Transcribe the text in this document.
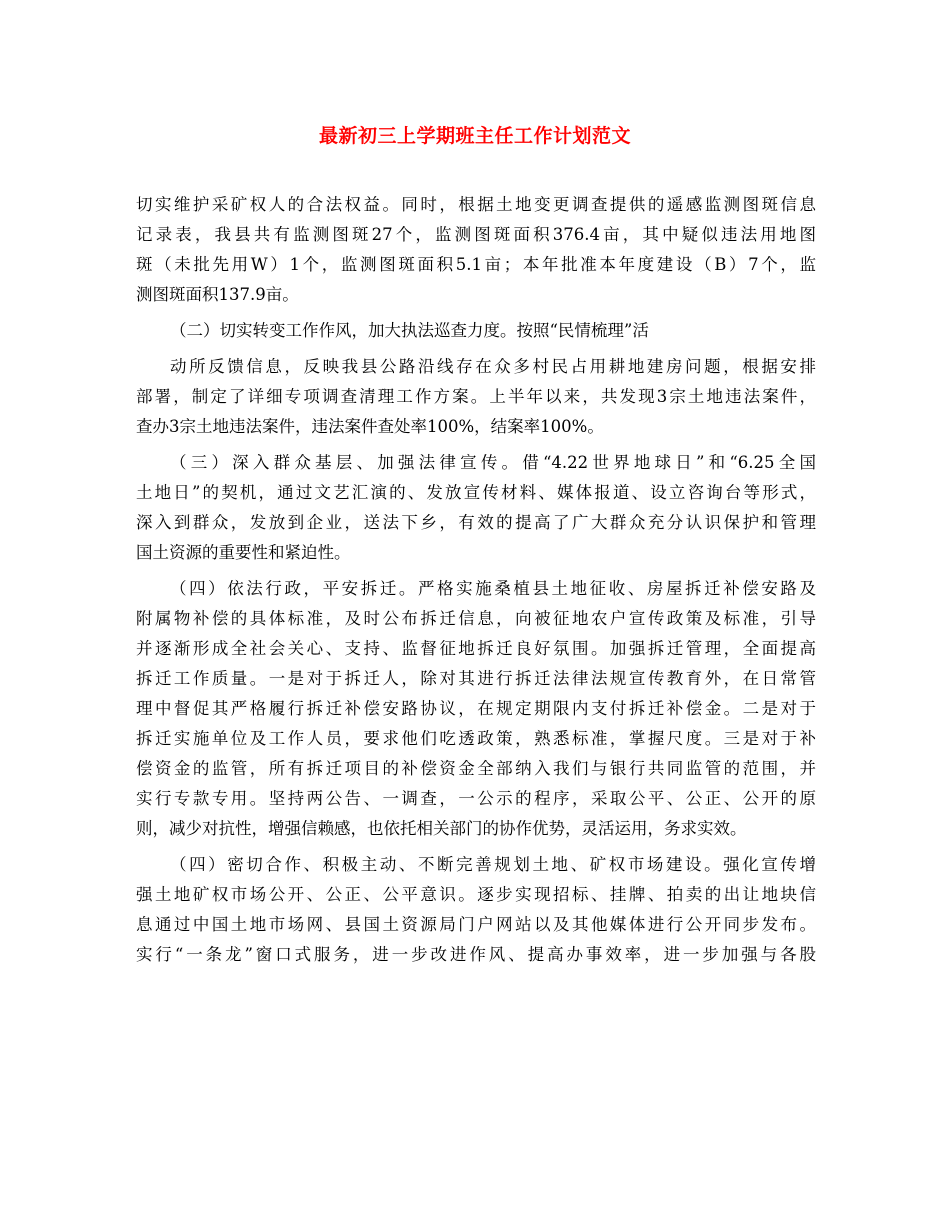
最新初三上学期班主任工作计划范文
切实维护采矿权人的合法权益。同时，根据土地变更调查提供的遥感监测图斑信息
记录表，我县共有监测图斑27个，监测图斑面积376.4亩，其中疑似违法用地图
斑（未批先用W）1个，监测图斑面积5.1亩；本年批准本年度建设（B）7个，监
测图斑面积137.9亩。
（二）切实转变工作作风，加大执法巡查力度。按照“民情梳理”活
动所反馈信息，反映我县公路沿线存在众多村民占用耕地建房问题，根据安排
部署，制定了详细专项调查清理工作方案。上半年以来，共发现3宗土地违法案件，
查办3宗土地违法案件，违法案件查处率100%，结案率100%。
（三）深入群众基层、加强法律宣传。借“4.22世界地球日”和“6.25全国
土地日”的契机，通过文艺汇演的、发放宣传材料、媒体报道、设立咨询台等形式，
深入到群众，发放到企业，送法下乡，有效的提高了广大群众充分认识保护和管理
国土资源的重要性和紧迫性。
（四）依法行政，平安拆迁。严格实施桑植县土地征收、房屋拆迁补偿安路及
附属物补偿的具体标准，及时公布拆迁信息，向被征地农户宣传政策及标准，引导
并逐渐形成全社会关心、支持、监督征地拆迁良好氛围。加强拆迁管理，全面提高
拆迁工作质量。一是对于拆迁人，除对其进行拆迁法律法规宣传教育外，在日常管
理中督促其严格履行拆迁补偿安路协议，在规定期限内支付拆迁补偿金。二是对于
拆迁实施单位及工作人员，要求他们吃透政策，熟悉标准，掌握尺度。三是对于补
偿资金的监管，所有拆迁项目的补偿资金全部纳入我们与银行共同监管的范围，并
实行专款专用。坚持两公告、一调查，一公示的程序，采取公平、公正、公开的原
则，减少对抗性，增强信赖感，也依托相关部门的协作优势，灵活运用，务求实效。
（四）密切合作、积极主动、不断完善规划土地、矿权市场建设。强化宣传增
强土地矿权市场公开、公正、公平意识。逐步实现招标、挂牌、拍卖的出让地块信
息通过中国土地市场网、县国土资源局门户网站以及其他媒体进行公开同步发布。
实行“一条龙”窗口式服务，进一步改进作风、提高办事效率，进一步加强与各股
